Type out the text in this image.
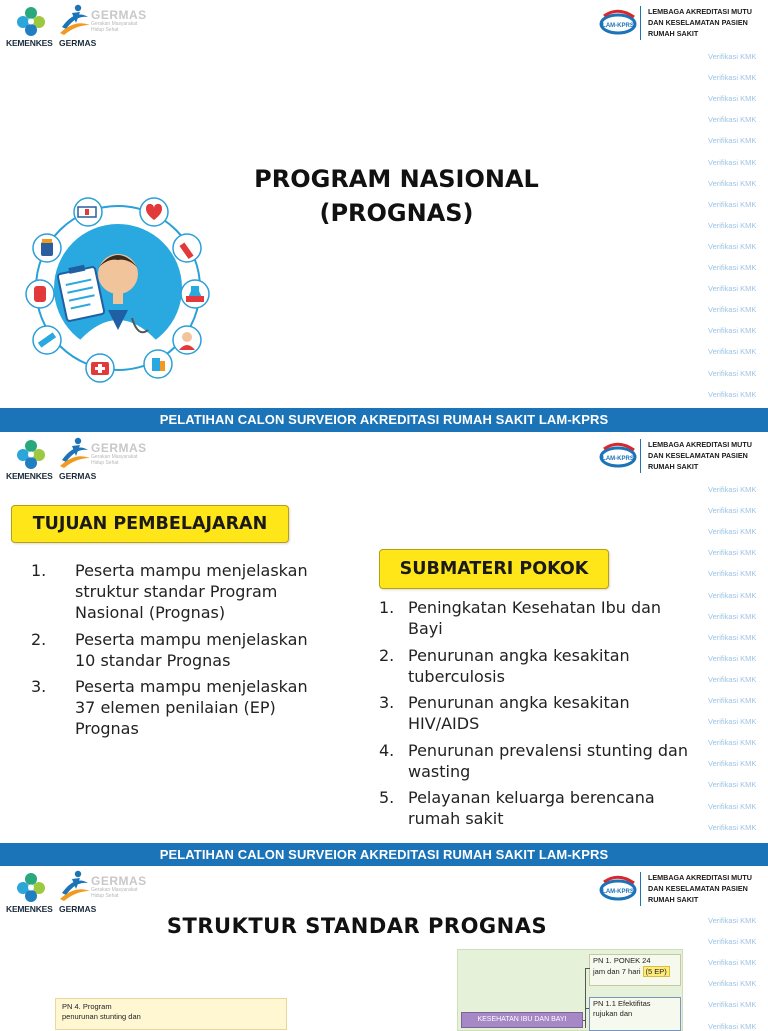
KEMENKES
GERMAS
Gerakan Masyarakat Hidup Sehat
GERMAS
LAM-KPRS
LEMBAGA AKREDITASI MUTU
DAN KESELAMATAN PASIEN
RUMAH SAKIT
Verifikasi KMK
Verifikasi KMK
Verifikasi KMK
Verifikasi KMK
Verifikasi KMK
Verifikasi KMK
Verifikasi KMK
Verifikasi KMK
Verifikasi KMK
Verifikasi KMK
Verifikasi KMK
Verifikasi KMK
Verifikasi KMK
Verifikasi KMK
Verifikasi KMK
Verifikasi KMK
Verifikasi KMK
PROGRAM NASIONAL
(PROGNAS)
PELATIHAN CALON SURVEIOR AKREDITASI RUMAH SAKIT LAM-KPRS
KEMENKES
GERMAS
Gerakan Masyarakat Hidup Sehat
GERMAS
LAM-KPRS
LEMBAGA AKREDITASI MUTU
DAN KESELAMATAN PASIEN
RUMAH SAKIT
Verifikasi KMK
Verifikasi KMK
Verifikasi KMK
Verifikasi KMK
Verifikasi KMK
Verifikasi KMK
Verifikasi KMK
Verifikasi KMK
Verifikasi KMK
Verifikasi KMK
Verifikasi KMK
Verifikasi KMK
Verifikasi KMK
Verifikasi KMK
Verifikasi KMK
Verifikasi KMK
Verifikasi KMK
TUJUAN PEMBELAJARAN
1.	Peserta mampu menjelaskan struktur standar Program Nasional (Prognas)
2.	Peserta mampu menjelaskan 10 standar Prognas
3.	Peserta mampu menjelaskan 37 elemen penilaian (EP) Prognas
SUBMATERI POKOK
1. Peningkatan Kesehatan Ibu dan Bayi
2. Penurunan angka kesakitan tuberculosis
3. Penurunan angka kesakitan HIV/AIDS
4. Penurunan prevalensi stunting dan wasting
5. Pelayanan keluarga berencana rumah sakit
PELATIHAN CALON SURVEIOR AKREDITASI RUMAH SAKIT LAM-KPRS
KEMENKES
GERMAS
Gerakan Masyarakat Hidup Sehat
GERMAS
LAM-KPRS
LEMBAGA AKREDITASI MUTU
DAN KESELAMATAN PASIEN
RUMAH SAKIT
Verifikasi KMK
Verifikasi KMK
Verifikasi KMK
Verifikasi KMK
Verifikasi KMK
Verifikasi KMK
STRUKTUR STANDAR PROGNAS
PN 1. PONEK 24
jam dan 7 hari (5 EP)
PN 1.1 Efektifitas
rujukan dan
KESEHATAN IBU DAN BAYI
PN 4. Program
penurunan stunting dan
